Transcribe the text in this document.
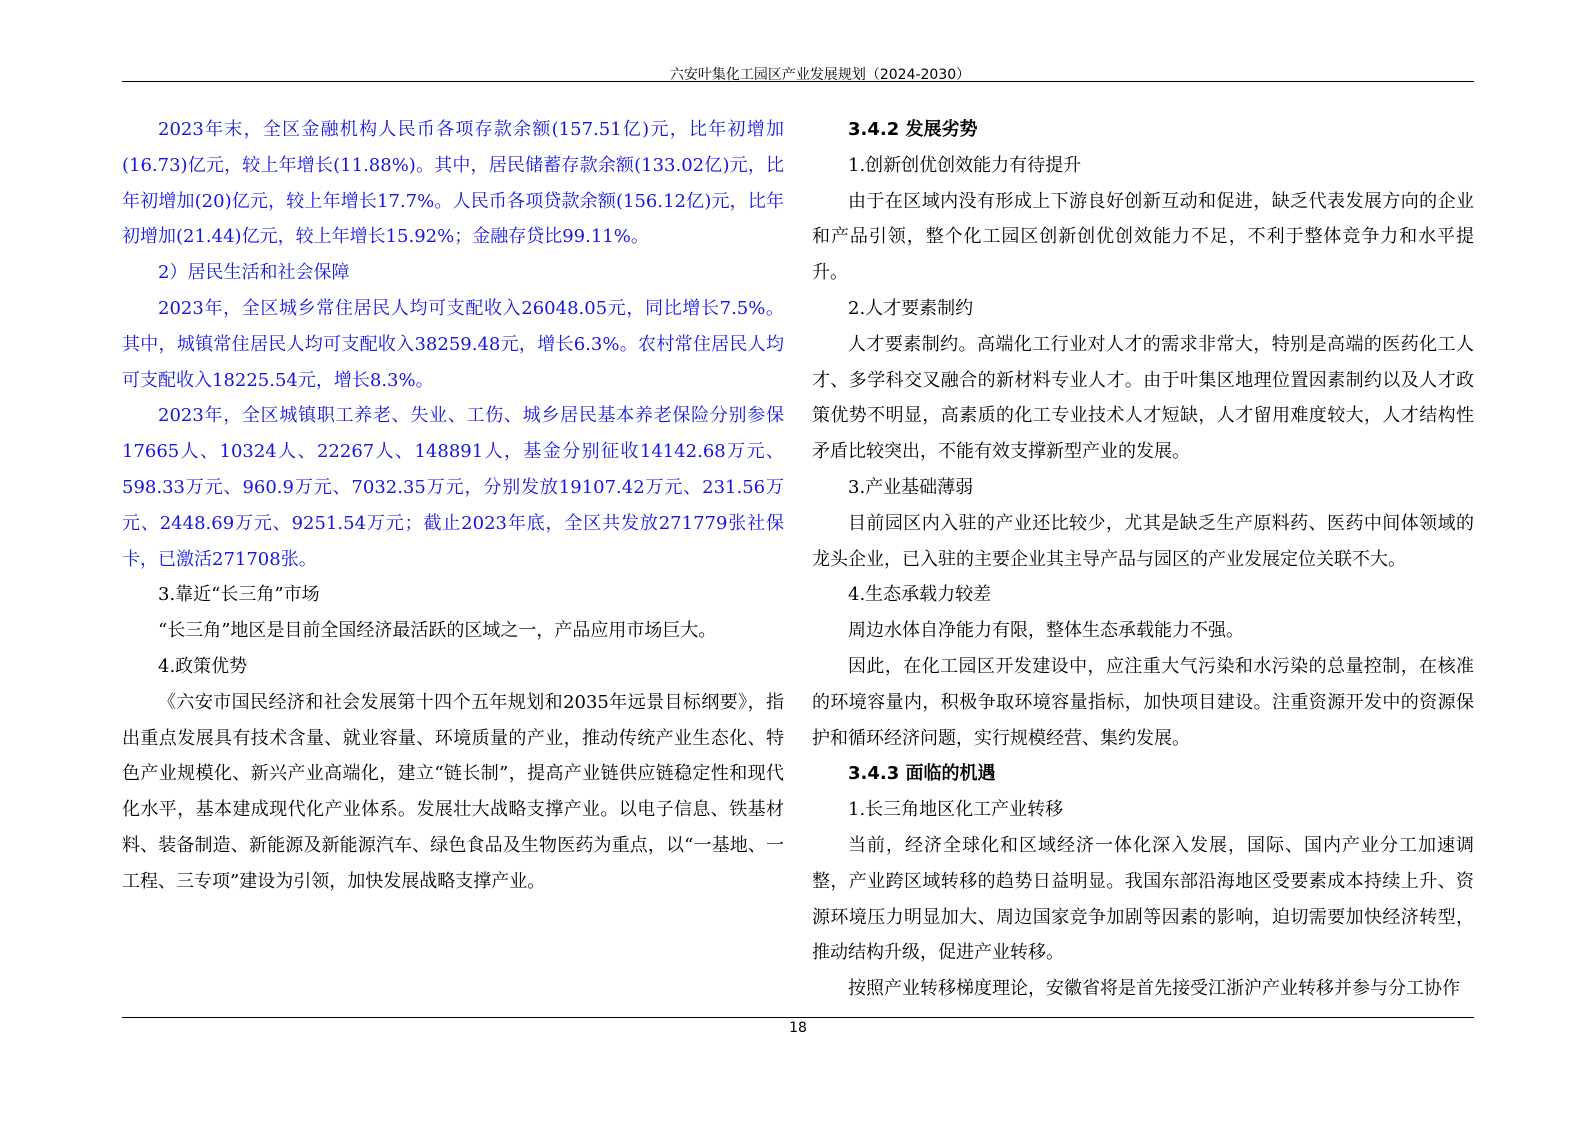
六安叶集化工园区产业发展规划（2024-2030）

2023年末，全区金融机构人民币各项存款余额(157.51亿)元，比年初增加(16.73)亿元，较上年增长(11.88%)。其中，居民储蓄存款余额(133.02亿)元，比年初增加(20)亿元，较上年增长17.7%。人民币各项贷款余额(156.12亿)元，比年初增加(21.44)亿元，较上年增长15.92%；金融存贷比99.11%。

2）居民生活和社会保障

2023年，全区城乡常住居民人均可支配收入26048.05元，同比增长7.5%。其中，城镇常住居民人均可支配收入38259.48元，增长6.3%。农村常住居民人均可支配收入18225.54元，增长8.3%。

2023年，全区城镇职工养老、失业、工伤、城乡居民基本养老保险分别参保17665人、10324人、22267人、148891人，基金分别征收14142.68万元、598.33万元、960.9万元、7032.35万元，分别发放19107.42万元、231.56万元、2448.69万元、9251.54万元；截止2023年底，全区共发放271779张社保卡，已激活271708张。

3.靠近“长三角”市场

“长三角”地区是目前全国经济最活跃的区域之一，产品应用市场巨大。

4.政策优势

《六安市国民经济和社会发展第十四个五年规划和2035年远景目标纲要》，指出重点发展具有技术含量、就业容量、环境质量的产业，推动传统产业生态化、特色产业规模化、新兴产业高端化，建立“链长制”，提高产业链供应链稳定性和现代化水平，基本建成现代化产业体系。发展壮大战略支撑产业。以电子信息、铁基材料、装备制造、新能源及新能源汽车、绿色食品及生物医药为重点，以“一基地、一工程、三专项”建设为引领，加快发展战略支撑产业。

3.4.2 发展劣势

1.创新创优创效能力有待提升

由于在区域内没有形成上下游良好创新互动和促进，缺乏代表发展方向的企业和产品引领，整个化工园区创新创优创效能力不足，不利于整体竞争力和水平提升。

2.人才要素制约

人才要素制约。高端化工行业对人才的需求非常大，特别是高端的医药化工人才、多学科交叉融合的新材料专业人才。由于叶集区地理位置因素制约以及人才政策优势不明显，高素质的化工专业技术人才短缺，人才留用难度较大，人才结构性矛盾比较突出，不能有效支撑新型产业的发展。

3.产业基础薄弱

目前园区内入驻的产业还比较少，尤其是缺乏生产原料药、医药中间体领域的龙头企业，已入驻的主要企业其主导产品与园区的产业发展定位关联不大。

4.生态承载力较差

周边水体自净能力有限，整体生态承载能力不强。

因此，在化工园区开发建设中，应注重大气污染和水污染的总量控制，在核准的环境容量内，积极争取环境容量指标，加快项目建设。注重资源开发中的资源保护和循环经济问题，实行规模经营、集约发展。

3.4.3 面临的机遇

1.长三角地区化工产业转移

当前，经济全球化和区域经济一体化深入发展，国际、国内产业分工加速调整，产业跨区域转移的趋势日益明显。我国东部沿海地区受要素成本持续上升、资源环境压力明显加大、周边国家竞争加剧等因素的影响，迫切需要加快经济转型，推动结构升级，促进产业转移。

按照产业转移梯度理论，安徽省将是首先接受江浙沪产业转移并参与分工协作

18
